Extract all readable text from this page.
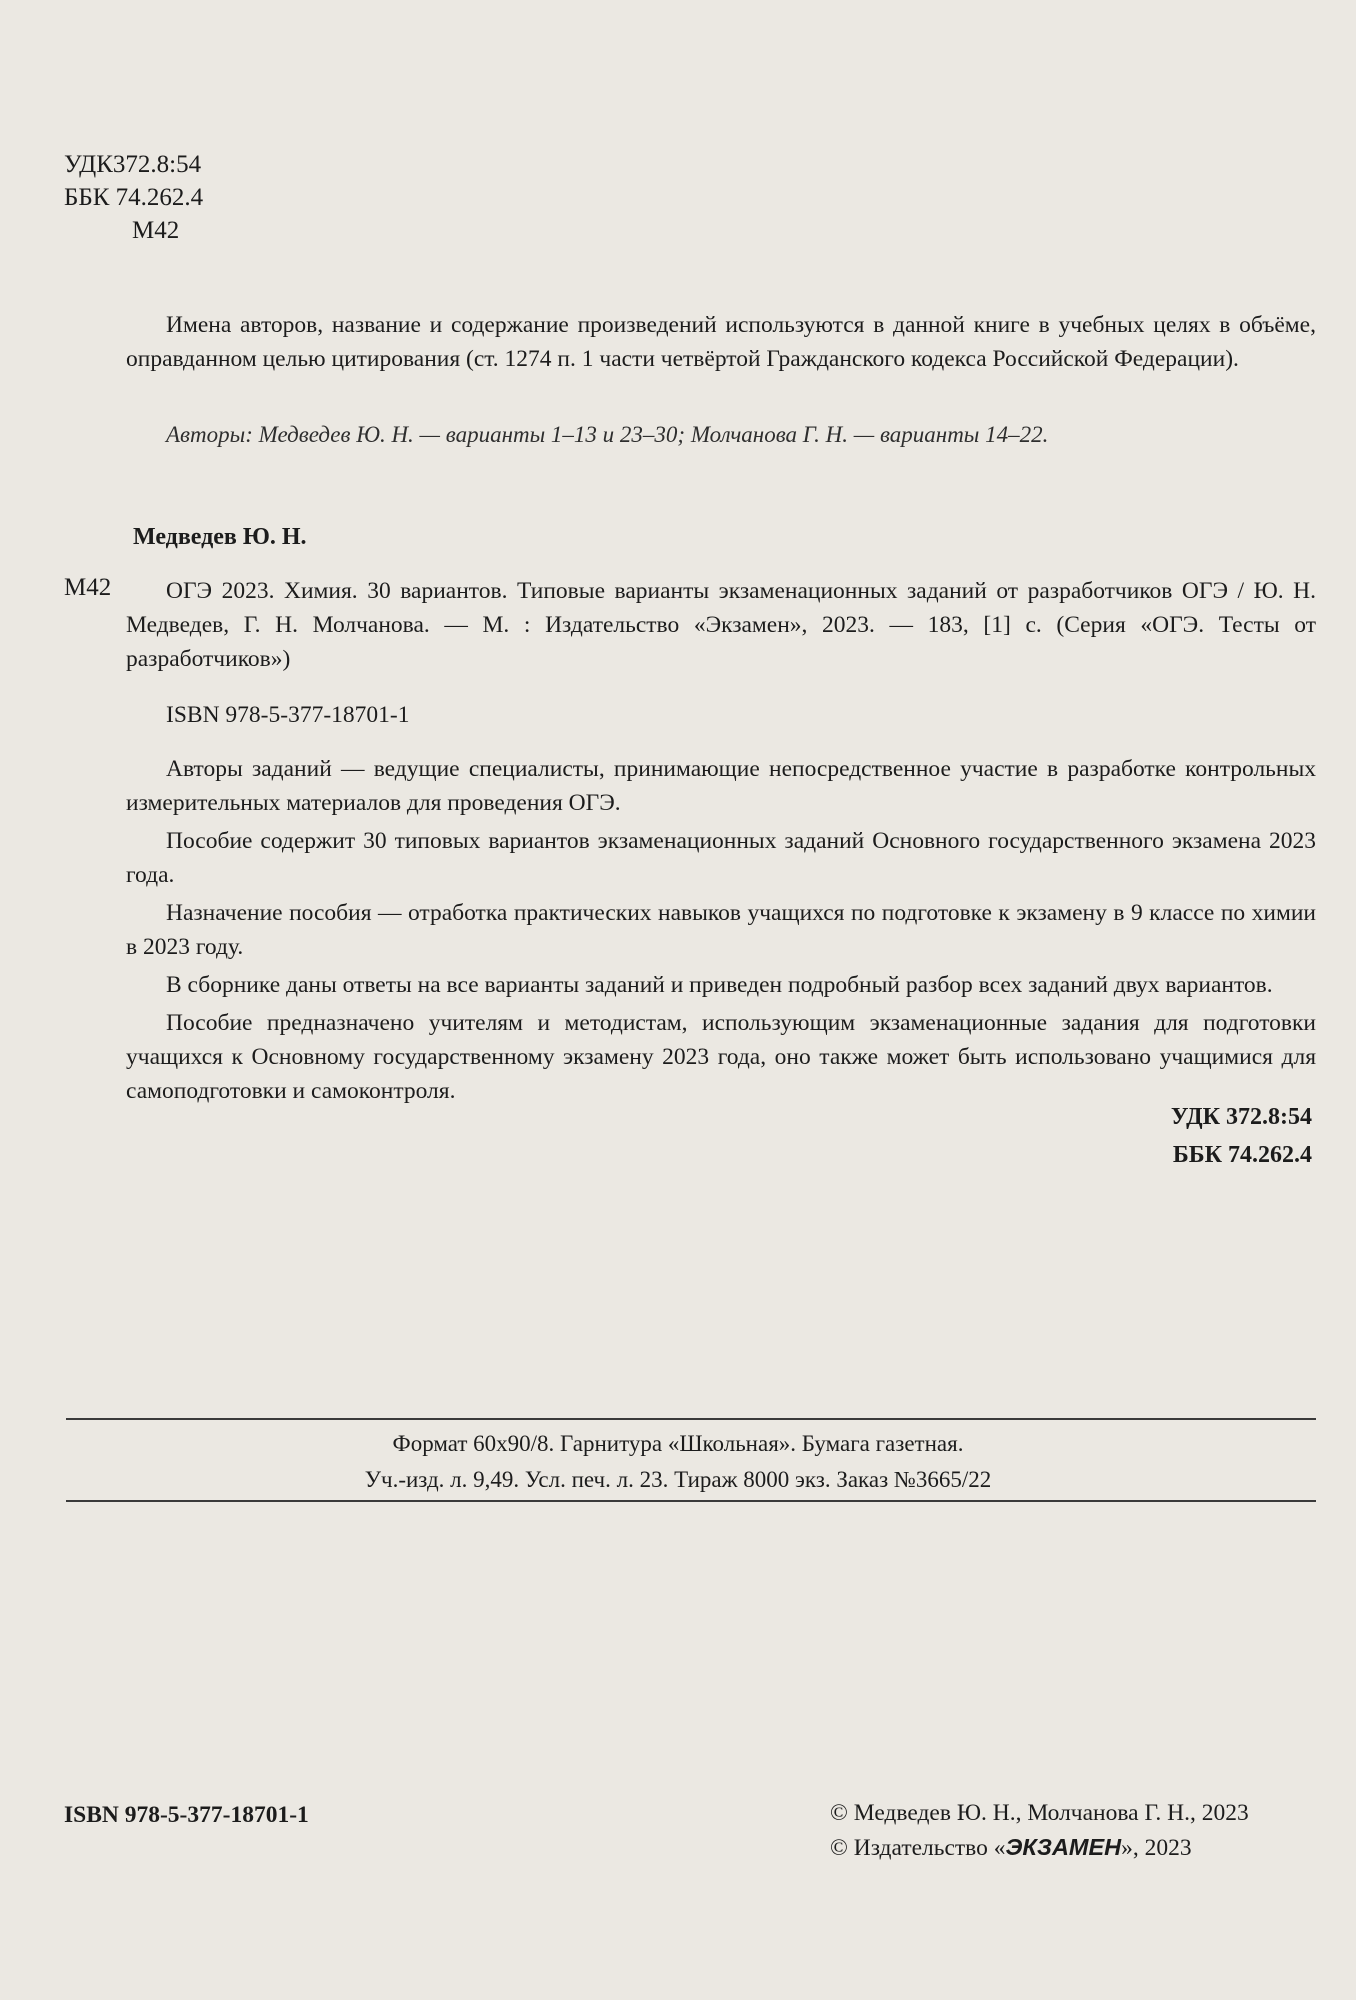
УДК372.8:54
ББК 74.262.4
М42
Имена авторов, название и содержание произведений используются в данной книге в учебных целях в объёме, оправданном целью цитирования (ст. 1274 п. 1 части четвёртой Гражданского кодекса Российской Федерации).
Авторы: Медведев Ю. Н. — варианты 1–13 и 23–30; Молчанова Г. Н. — варианты 14–22.
Медведев Ю. Н.
М42	ОГЭ 2023. Химия. 30 вариантов. Типовые варианты экзаменационных заданий от разработчиков ОГЭ / Ю. Н. Медведев, Г. Н. Молчанова. — М. : Издательство «Экзамен», 2023. — 183, [1] с. (Серия «ОГЭ. Тесты от разработчиков»)
ISBN 978-5-377-18701-1

Авторы заданий — ведущие специалисты, принимающие непосредственное участие в разработке контрольных измерительных материалов для проведения ОГЭ.

Пособие содержит 30 типовых вариантов экзаменационных заданий Основного государственного экзамена 2023 года.

Назначение пособия — отработка практических навыков учащихся по подготовке к экзамену в 9 классе по химии в 2023 году.

В сборнике даны ответы на все варианты заданий и приведен подробный разбор всех заданий двух вариантов.

Пособие предназначено учителям и методистам, использующим экзаменационные задания для подготовки учащихся к Основному государственному экзамену 2023 года, оно также может быть использовано учащимися для самоподготовки и самоконтроля.

УДК 372.8:54
ББК 74.262.4
Формат 60х90/8. Гарнитура «Школьная». Бумага газетная.
Уч.-изд. л. 9,49. Усл. печ. л. 23. Тираж 8000 экз. Заказ №3665/22
ISBN 978-5-377-18701-1	© Медведев Ю. Н., Молчанова Г. Н., 2023
© Издательство «ЭКЗАМЕН», 2023
